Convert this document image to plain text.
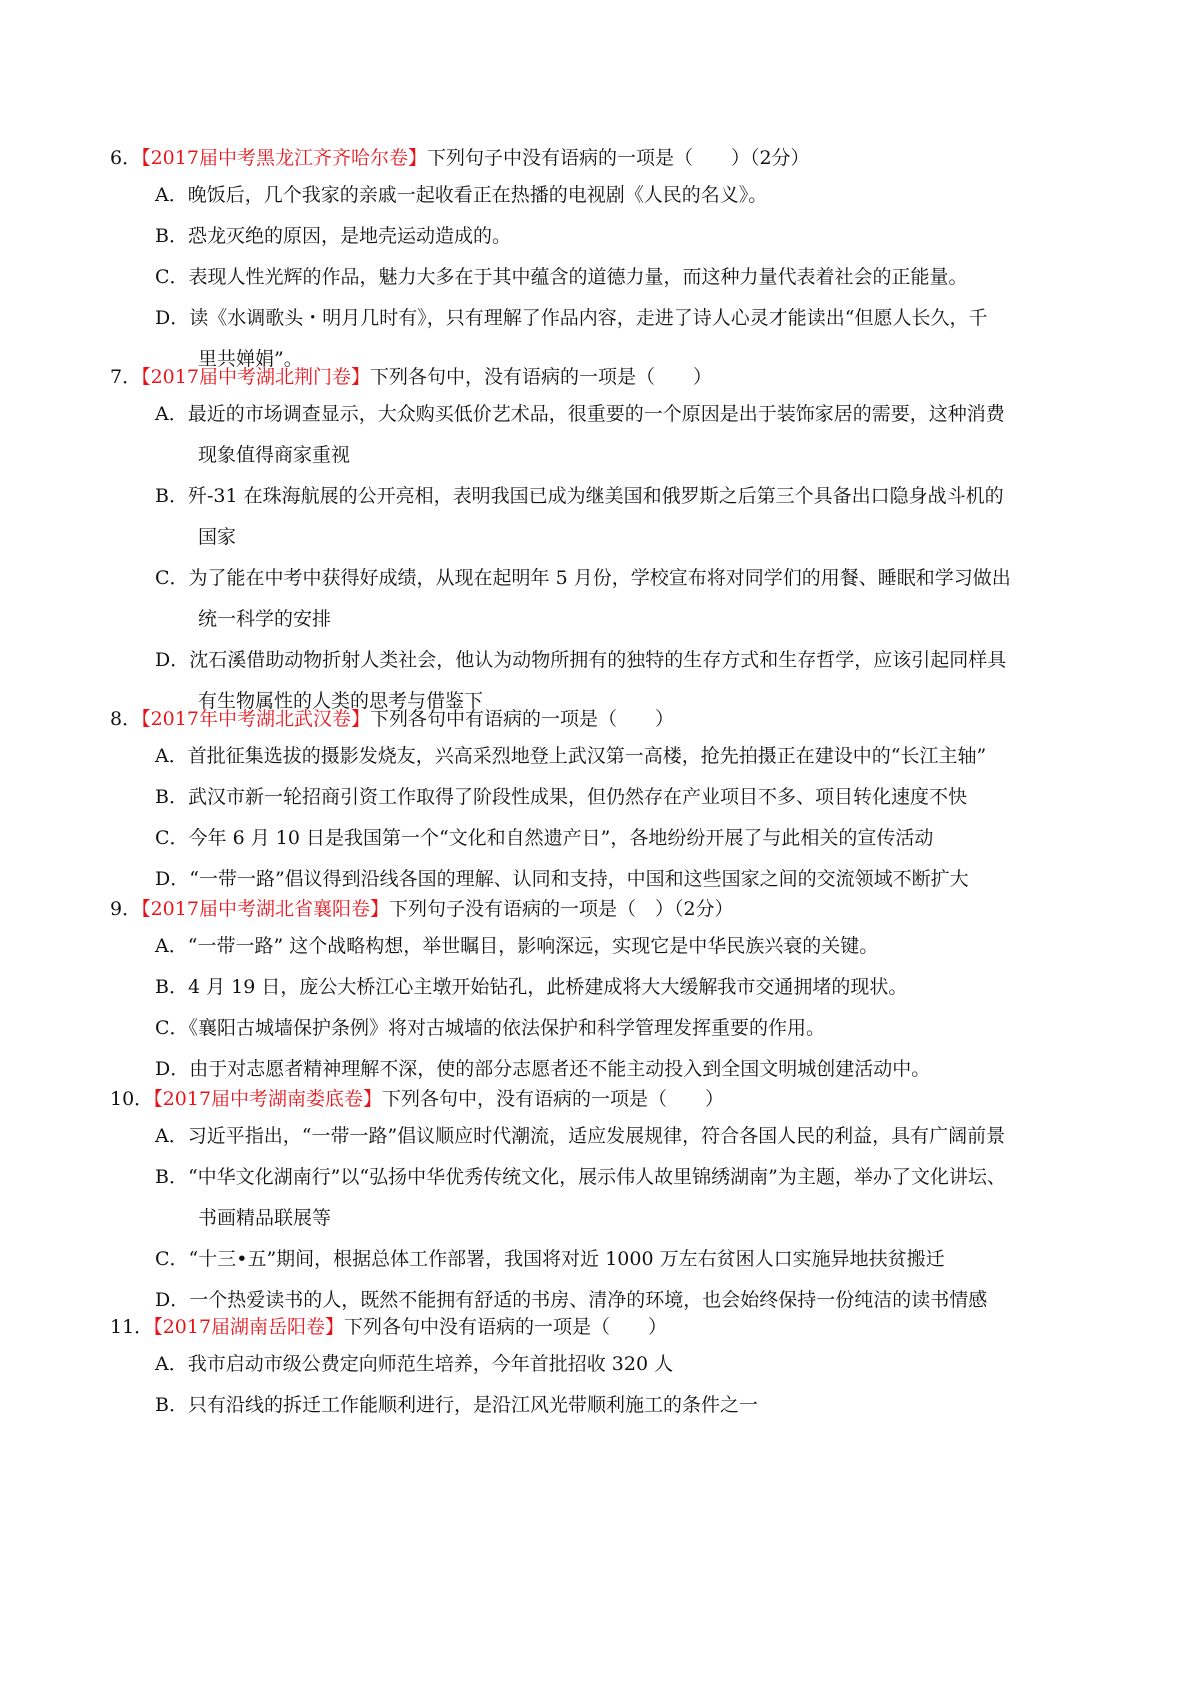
6．【2017届中考黑龙江齐齐哈尔卷】下列句子中没有语病的一项是（　　）（2分）
A．晚饭后，几个我家的亲戚一起收看正在热播的电视剧《人民的名义》。
B．恐龙灭绝的原因，是地壳运动造成的。
C．表现人性光辉的作品，魅力大多在于其中蕴含的道德力量，而这种力量代表着社会的正能量。
D．读《水调歌头・明月几时有》，只有理解了作品内容，走进了诗人心灵才能读出“但愿人长久，千
里共婵娟”。
7．【2017届中考湖北荆门卷】下列各句中，没有语病的一项是（　　）
A．最近的市场调查显示，大众购买低价艺术品，很重要的一个原因是出于装饰家居的需要，这种消费
现象值得商家重视
B．歼-31 在珠海航展的公开亮相，表明我国已成为继美国和俄罗斯之后第三个具备出口隐身战斗机的
国家
C．为了能在中考中获得好成绩，从现在起明年 5 月份，学校宣布将对同学们的用餐、睡眠和学习做出
统一科学的安排
D．沈石溪借助动物折射人类社会，他认为动物所拥有的独特的生存方式和生存哲学，应该引起同样具
有生物属性的人类的思考与借鉴下
8．【2017年中考湖北武汉卷】下列各句中有语病的一项是（　　）
A．首批征集选拔的摄影发烧友，兴高采烈地登上武汉第一高楼，抢先拍摄正在建设中的“长江主轴”
B．武汉市新一轮招商引资工作取得了阶段性成果，但仍然存在产业项目不多、项目转化速度不快
C．今年 6 月 10 日是我国第一个“文化和自然遗产日”，各地纷纷开展了与此相关的宣传活动
D．“一带一路”倡议得到沿线各国的理解、认同和支持，中国和这些国家之间的交流领域不断扩大
9．【2017届中考湖北省襄阳卷】下列句子没有语病的一项是（　）（2分）
A．“一带一路” 这个战略构想，举世瞩目，影响深远，实现它是中华民族兴衰的关键。
B．4 月 19 日，庞公大桥江心主墩开始钻孔，此桥建成将大大缓解我市交通拥堵的现状。
C．《襄阳古城墙保护条例》将对古城墙的依法保护和科学管理发挥重要的作用。
D．由于对志愿者精神理解不深，使的部分志愿者还不能主动投入到全国文明城创建活动中。
10．【2017届中考湖南娄底卷】下列各句中，没有语病的一项是（　　）
A．习近平指出，“一带一路”倡议顺应时代潮流，适应发展规律，符合各国人民的利益，具有广阔前景
B．“中华文化湖南行”以“弘扬中华优秀传统文化，展示伟人故里锦绣湖南”为主题，举办了文化讲坛、
书画精品联展等
C．“十三•五”期间，根据总体工作部署，我国将对近 1000 万左右贫困人口实施异地扶贫搬迁
D．一个热爱读书的人，既然不能拥有舒适的书房、清净的环境，也会始终保持一份纯洁的读书情感
11．【2017届湖南岳阳卷】下列各句中没有语病的一项是（　　）
A．我市启动市级公费定向师范生培养，今年首批招收 320 人
B．只有沿线的拆迁工作能顺利进行，是沿江风光带顺利施工的条件之一
